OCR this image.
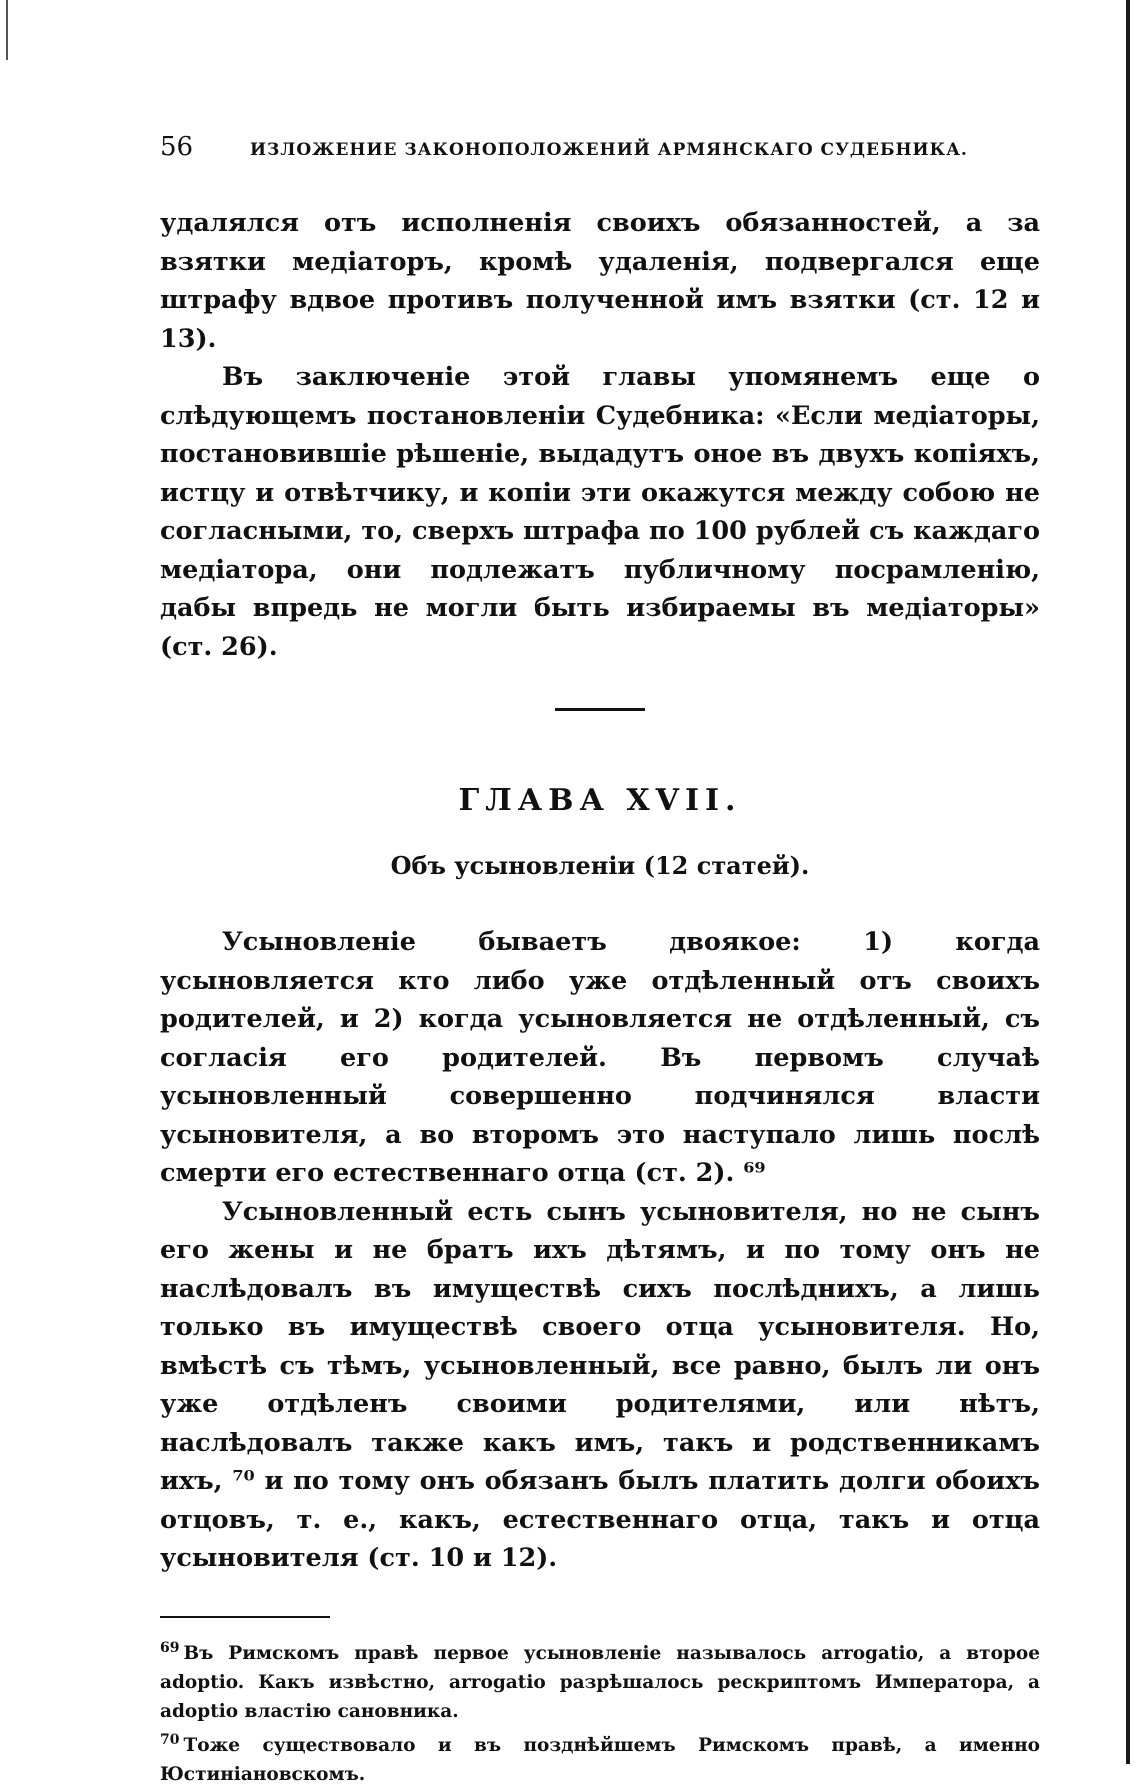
56	ИЗЛОЖЕНИЕ ЗАКОНОПОЛОЖЕНИЙ АРМЯНСКАГО СУДЕБНИКА.

удалялся отъ исполненія своихъ обязанностей, а за взятки медіаторъ, кромѣ удаленія, подвергался еще штрафу вдвое противъ полученной имъ взятки (ст. 12 и 13).

Въ заключеніе этой главы упомянемъ еще о слѣдующемъ постановленіи Судебника: «Если медіаторы, постановившіе рѣшеніе, выдадутъ оное въ двухъ копіяхъ, истцу и отвѣтчику, и копіи эти окажутся между собою не согласными, то, сверхъ штрафа по 100 рублей съ каждаго медіатора, они подлежатъ публичному посрамленію, дабы впредь не могли быть избираемы въ медіаторы» (ст. 26).

ГЛАВА XVII.
Объ усыновленіи (12 статей).

Усыновленіе бываетъ двоякое: 1) когда усыновляется кто либо уже отдѣленный отъ своихъ родителей, и 2) когда усыновляется не отдѣленный, съ согласія его родителей. Въ первомъ случаѣ усыновленный совершенно подчинялся власти усыновителя, а во второмъ это наступало лишь послѣ смерти его естественнаго отца (ст. 2). ⁶⁹

Усыновленный есть сынъ усыновителя, но не сынъ его жены и не братъ ихъ дѣтямъ, и по тому онъ не наслѣдовалъ въ имуществѣ сихъ послѣднихъ, а лишь только въ имуществѣ своего отца усыновителя. Но, вмѣстѣ съ тѣмъ, усыновленный, все равно, былъ ли онъ уже отдѣленъ своими родителями, или нѣтъ, наслѣдовалъ также какъ имъ, такъ и родственникамъ ихъ, ⁷⁰ и по тому онъ обязанъ былъ платить долги обоихъ отцовъ, т. е., какъ, естественнаго отца, такъ и отца усыновителя (ст. 10 и 12).

$^{69}$ Въ Римскомъ правѣ первое усыновленіе называлось arrogatio, а второе adoptio. Какъ извѣстно, arrogatio разрѣшалось рескриптомъ Императора, а adoptio властію сановника.

$^{70}$ Тоже существовало и въ позднѣйшемъ Римскомъ правѣ, а именно Юстиніановскомъ.
